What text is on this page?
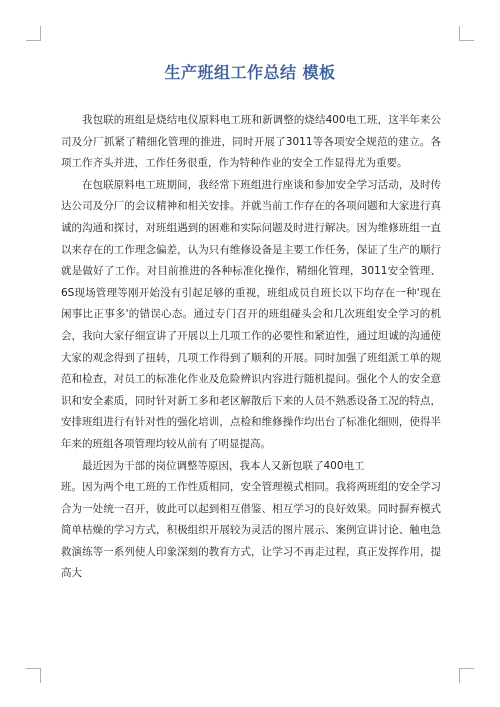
生产班组工作总结 模板

我包联的班组是烧结电仪原料电工班和新调整的烧结400电工班，这半年来公司及分厂抓紧了精细化管理的推进，同时开展了3011等各项安全规范的建立。各项工作齐头并进，工作任务很重，作为特种作业的安全工作显得尤为重要。

在包联原料电工班期间，我经常下班组进行座谈和参加安全学习活动，及时传达公司及分厂的会议精神和相关安排。并就当前工作存在的各项问题和大家进行真诚的沟通和探讨，对班组遇到的困难和实际问题及时进行解决。因为维修班组一直以来存在的工作理念偏差，认为只有维修设备是主要工作任务，保证了生产的顺行就是做好了工作。对目前推进的各种标准化操作，精细化管理，3011安全管理、6S现场管理等刚开始没有引起足够的重视，班组成员自班长以下均存在一种'现在闲事比正事多'的错误心态。通过专门召开的班组碰头会和几次班组安全学习的机会，我向大家仔细宣讲了开展以上几项工作的必要性和紧迫性，通过坦诚的沟通使大家的观念得到了扭转，几项工作得到了顺利的开展。同时加强了班组派工单的规范和检查，对员工的标准化作业及危险辨识内容进行随机提问。强化个人的安全意识和安全素质，同时针对新工多和老区解散后下来的人员不熟悉设备工况的特点，安排班组进行有针对性的强化培训，点检和维修操作均出台了标准化细则，使得半年来的班组各项管理均较从前有了明显提高。

最近因为干部的岗位调整等原因，我本人又新包联了400电工

班。因为两个电工班的工作性质相同，安全管理模式相同。我将两班组的安全学习合为一处统一召开，彼此可以起到相互借鉴、相互学习的良好效果。同时摒弃模式简单枯燥的学习方式，积极组织开展较为灵活的图片展示、案例宣讲讨论、触电急救演练等一系列使人印象深刻的教育方式，让学习不再走过程，真正发挥作用，提高大
